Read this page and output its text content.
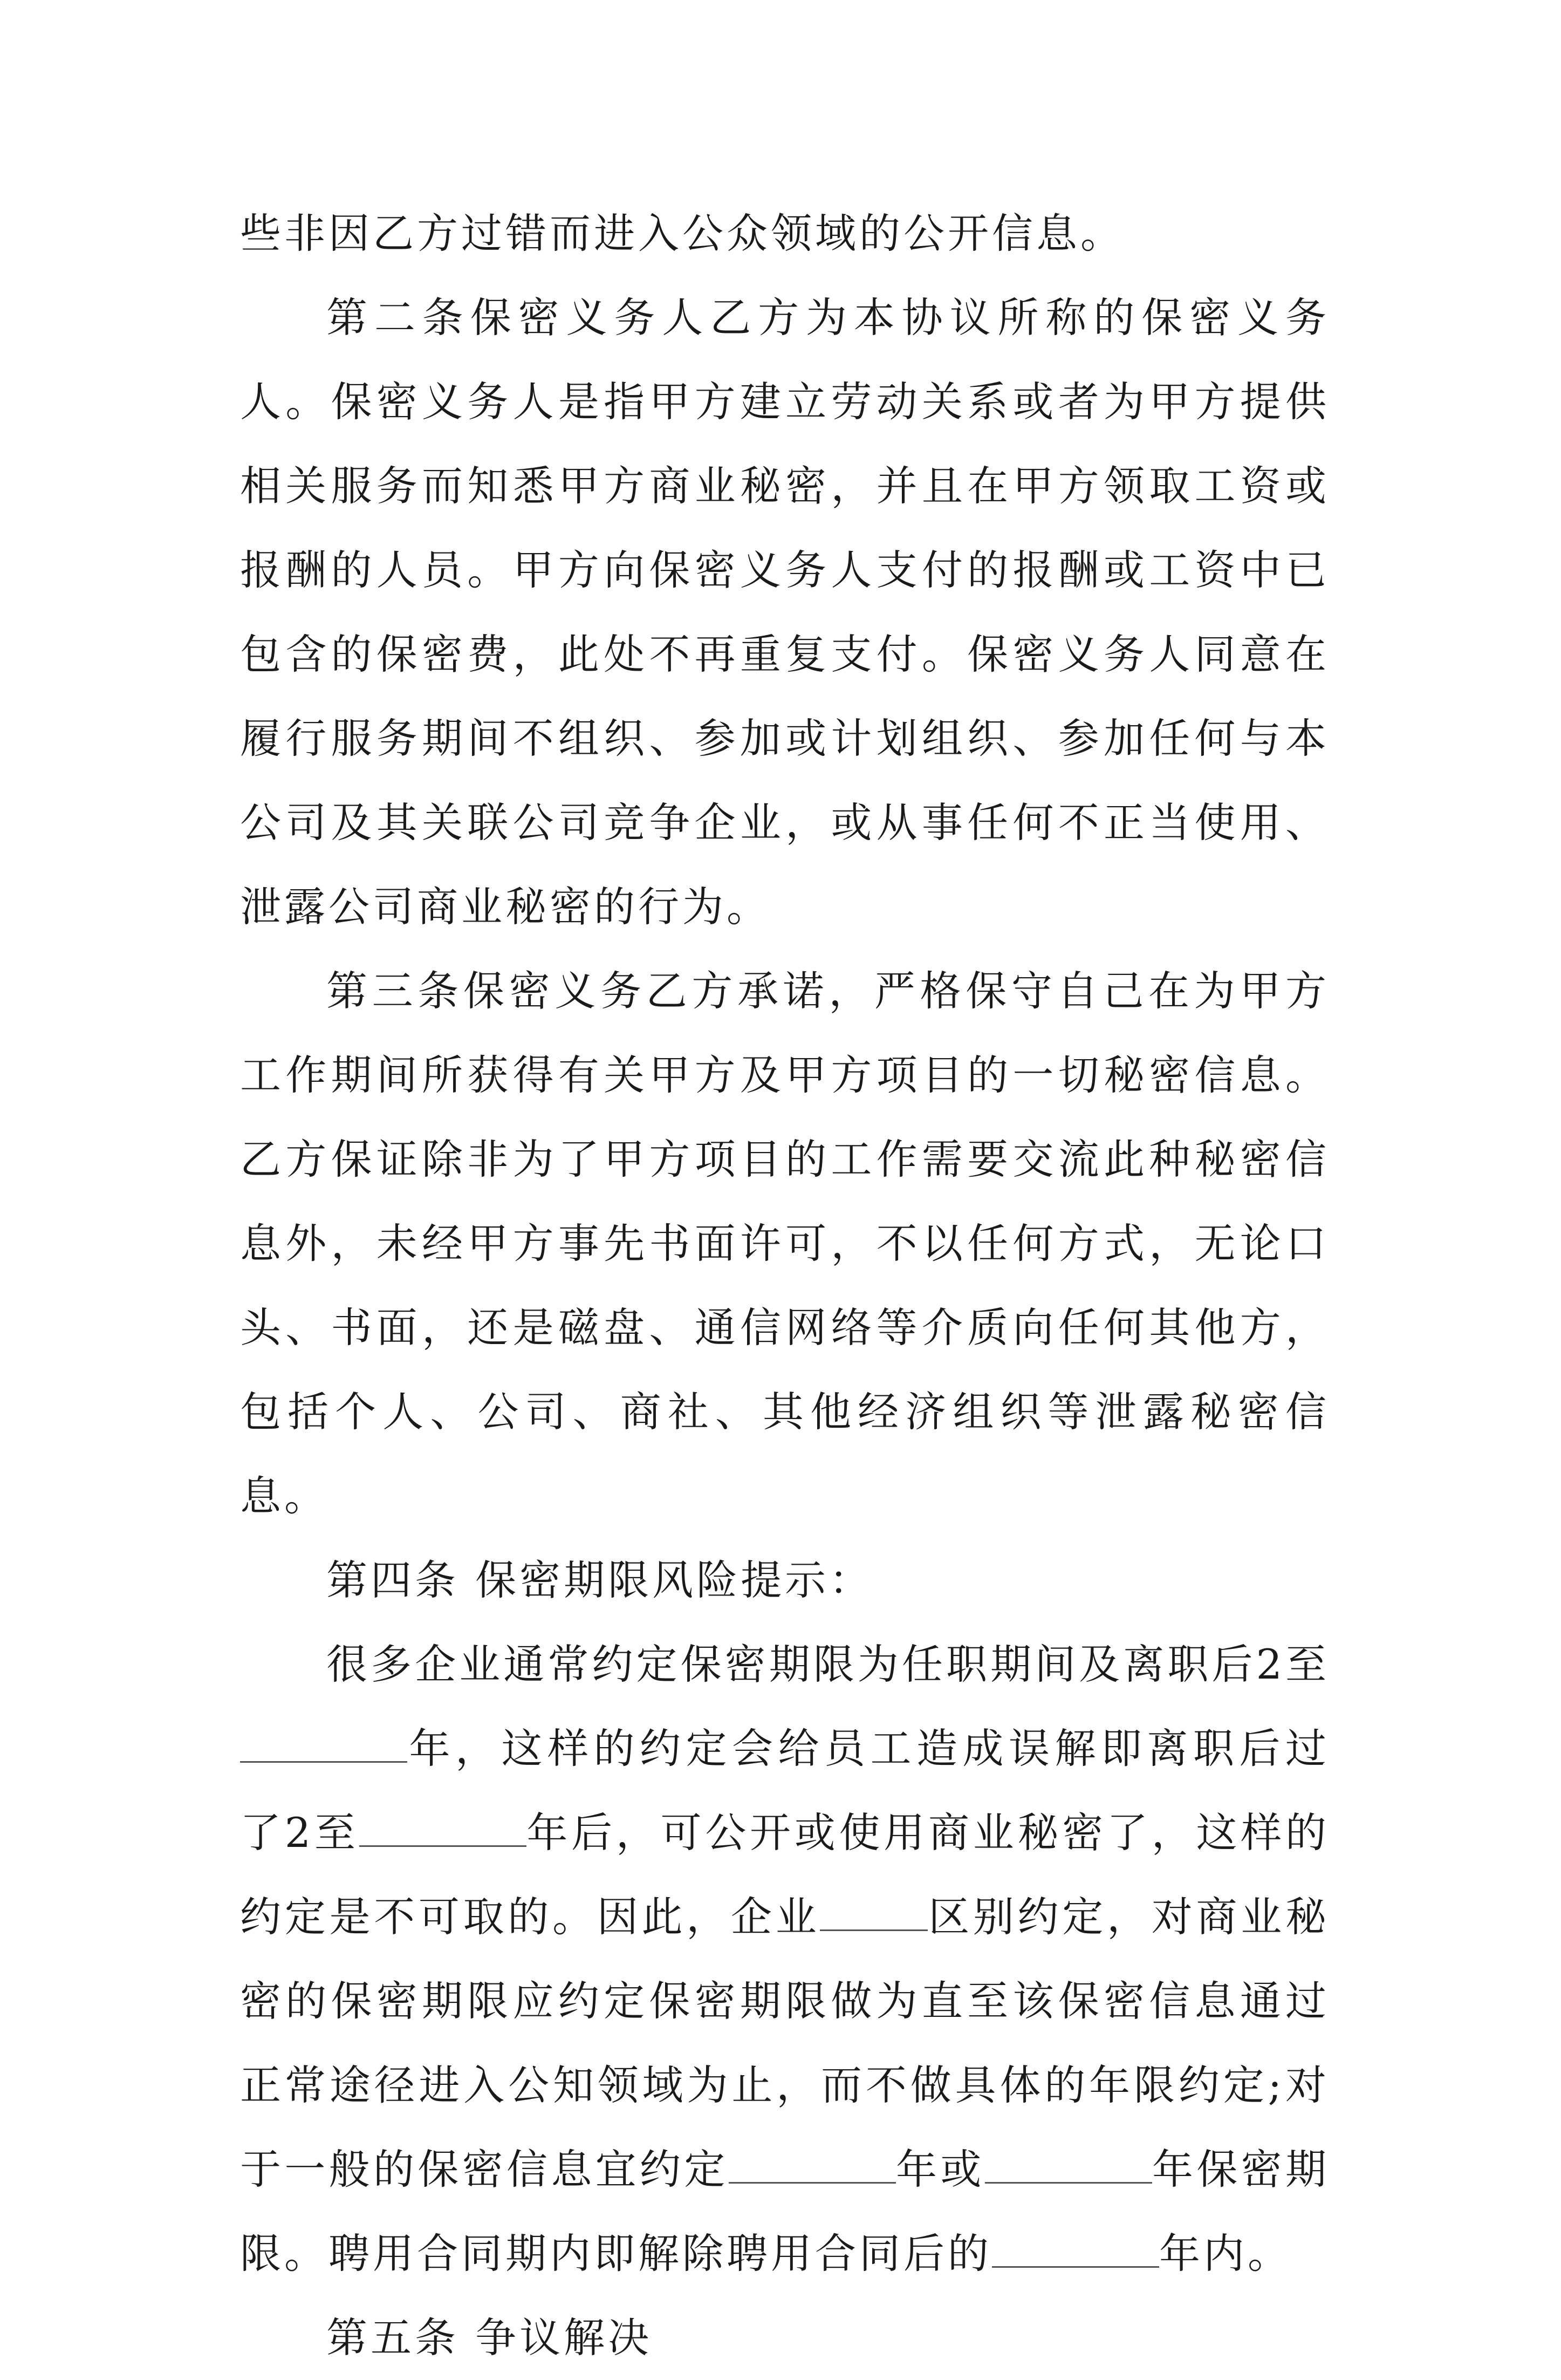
些非因乙方过错而进入公众领域的公开信息。

第二条保密义务人乙方为本协议所称的保密义务人。保密义务人是指甲方建立劳动关系或者为甲方提供相关服务而知悉甲方商业秘密，并且在甲方领取工资或报酬的人员。甲方向保密义务人支付的报酬或工资中已包含的保密费，此处不再重复支付。保密义务人同意在履行服务期间不组织、参加或计划组织、参加任何与本公司及其关联公司竞争企业，或从事任何不正当使用、泄露公司商业秘密的行为。

第三条保密义务乙方承诺，严格保守自己在为甲方工作期间所获得有关甲方及甲方项目的一切秘密信息。乙方保证除非为了甲方项目的工作需要交流此种秘密信息外，未经甲方事先书面许可，不以任何方式，无论口头、书面，还是磁盘、通信网络等介质向任何其他方，包括个人、公司、商社、其他经济组织等泄露秘密信息。

第四条 保密期限风险提示：

很多企业通常约定保密期限为任职期间及离职后2至年，这样的约定会给员工造成误解即离职后过了2至	年后，可公开或使用商业秘密了，这样的约定是不可取的。因此，企业	区别约定，对商业秘密的保密期限应约定保密期限做为直至该保密信息通过正常途径进入公知领域为止，而不做具体的年限约定;对于一般的保密信息宜约定	年或	年保密期限。聘用合同期内即解除聘用合同后的	年内。

第五条 争议解决
